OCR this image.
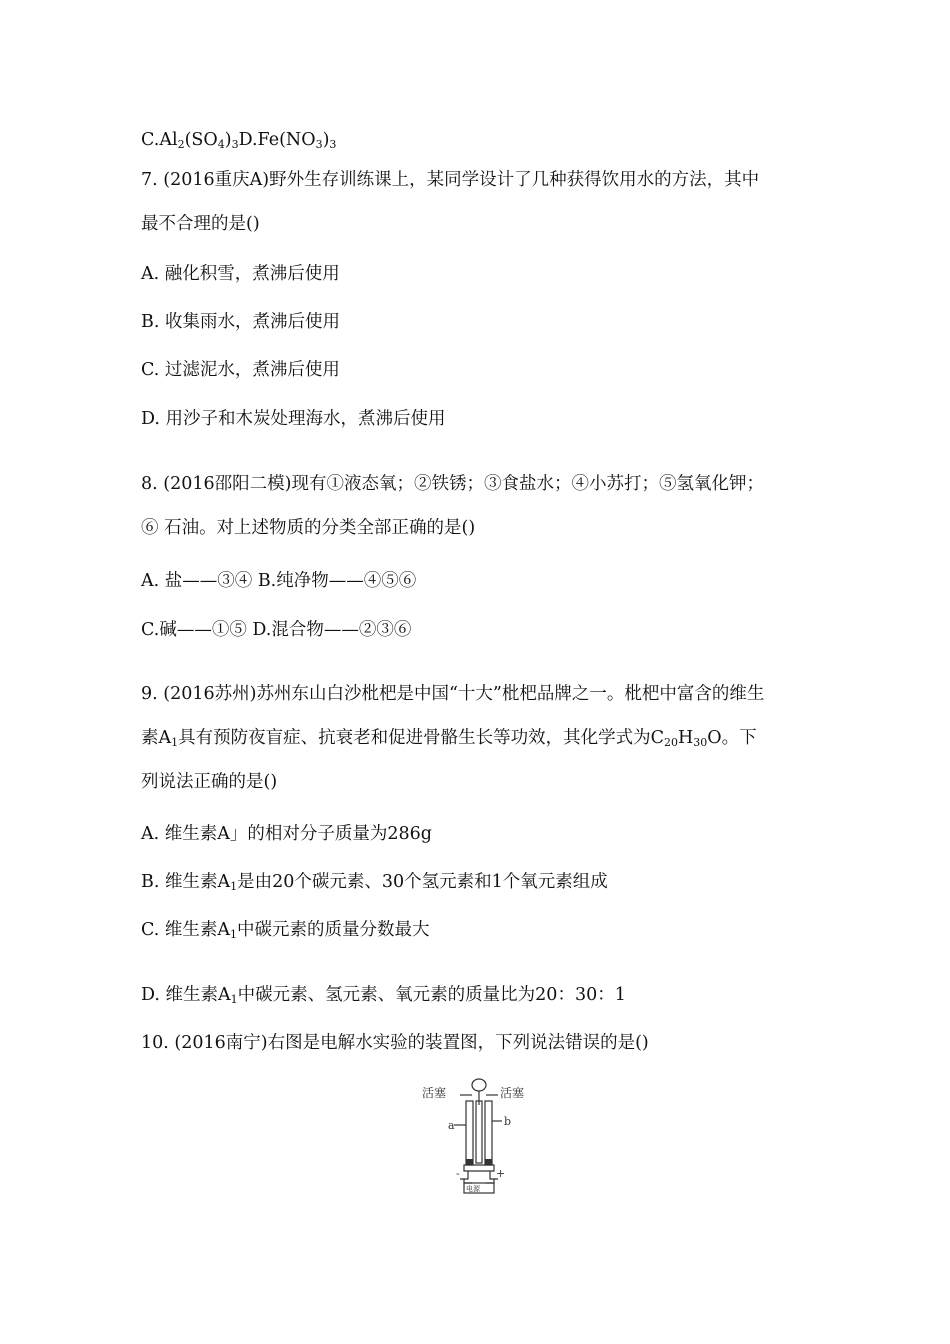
$C.Al_2(SO_4)_3D.Fe(NO_3)_3$
7. (2016重庆A)野外生存训练课上，某同学设计了几种获得饮用水的方法，其中
最不合理的是()
A. 融化积雪，煮沸后使用
B. 收集雨水，煮沸后使用
C. 过滤泥水，煮沸后使用
D. 用沙子和木炭处理海水，煮沸后使用
8. (2016邵阳二模)现有①液态氧；②铁锈；③食盐水；④小苏打；⑤氢氧化钾；
⑥ 石油。对上述物质的分类全部正确的是()
A. 盐——③④ B.纯净物——④⑤⑥
C.碱——①⑤ D.混合物——②③⑥
9. (2016苏州)苏州东山白沙枇杷是中国“十大”枇杷品牌之一。枇杷中富含的维生
素$A_1$具有预防夜盲症、抗衰老和促进骨骼生长等功效，其化学式为$C_{20}H_{30}O$。下
列说法正确的是()
A. 维生素A」的相对分子质量为286g
B. 维生素$A_1$是由20个碳元素、30个氢元素和1个氧元素组成
C. 维生素$A_1$中碳元素的质量分数最大
D. 维生素$A_1$中碳元素、氢元素、氧元素的质量比为20：30：1
10. (2016南宁)右图是电解水实验的装置图，下列说法错误的是()
活塞	活塞
a	b
-	+
电源
